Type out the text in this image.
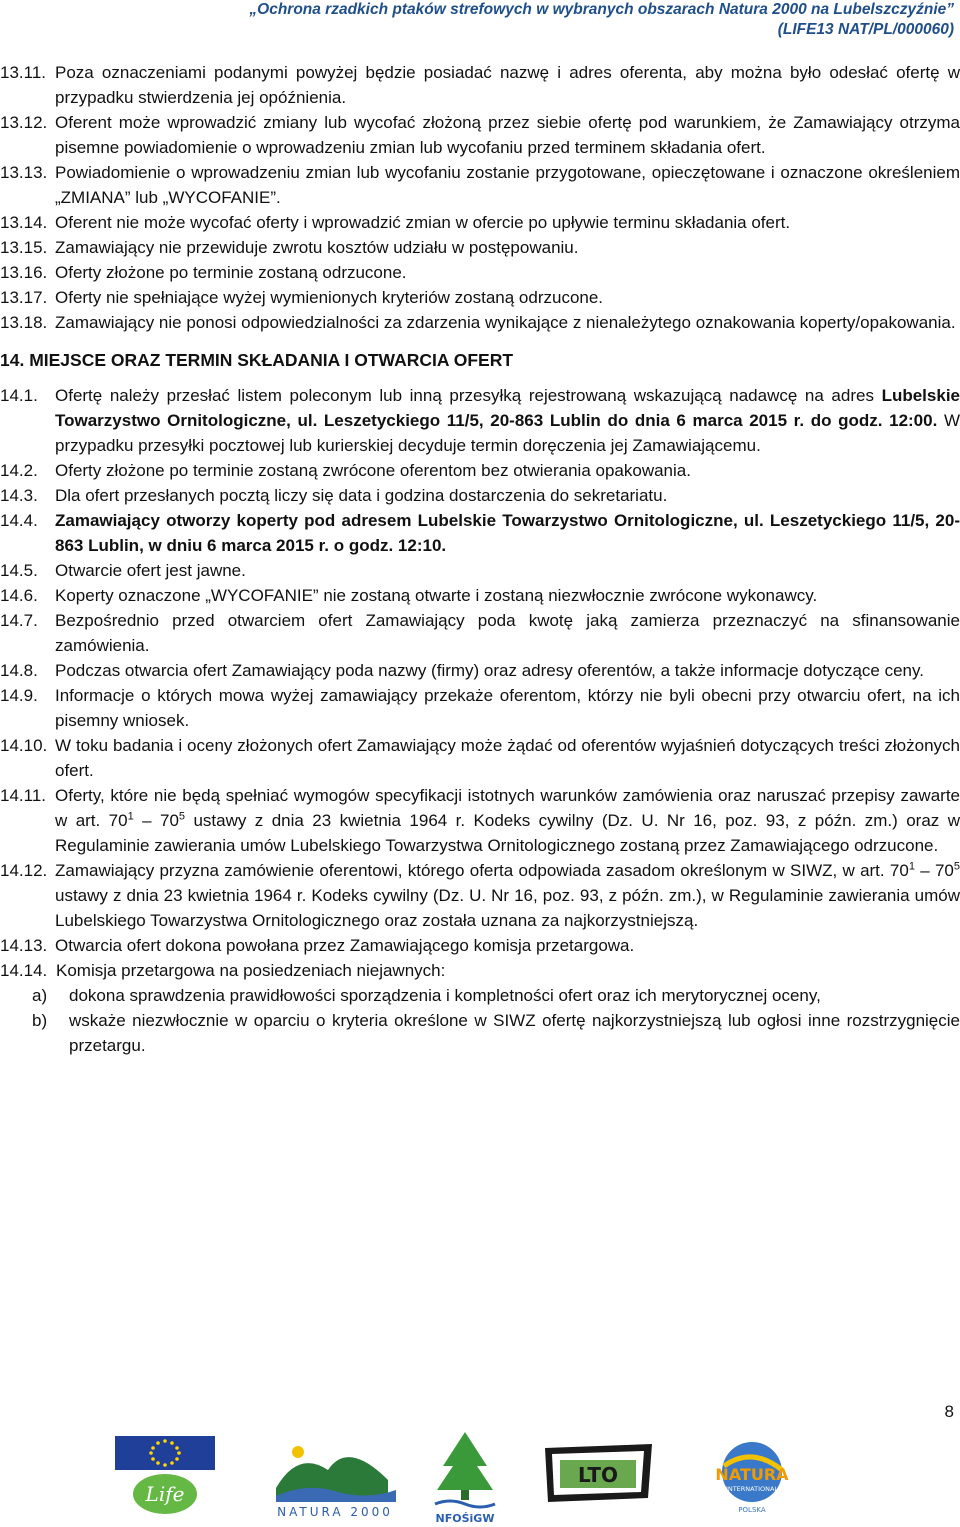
„Ochrona rzadkich ptaków strefowych w wybranych obszarach Natura 2000 na Lubelszczyźnie”
(LIFE13 NAT/PL/000060)
13.11. Poza oznaczeniami podanymi powyżej będzie posiadać nazwę i adres oferenta, aby można było odesłać ofertę w przypadku stwierdzenia jej opóźnienia.
13.12. Oferent może wprowadzić zmiany lub wycofać złożoną przez siebie ofertę pod warunkiem, że Zamawiający otrzyma pisemne powiadomienie o wprowadzeniu zmian lub wycofaniu przed terminem składania ofert.
13.13. Powiadomienie o wprowadzeniu zmian lub wycofaniu zostanie przygotowane, opieczętowane i oznaczone określeniem „ZMIANA” lub „WYCOFANIE”.
13.14. Oferent nie może wycofać oferty i wprowadzić zmian w ofercie po upływie terminu składania ofert.
13.15. Zamawiający nie przewiduje zwrotu kosztów udziału w postępowaniu.
13.16. Oferty złożone po terminie zostaną odrzucone.
13.17. Oferty nie spełniające wyżej wymienionych kryteriów zostaną odrzucone.
13.18. Zamawiający nie ponosi odpowiedzialności za zdarzenia wynikające z nienależytego oznakowania koperty/opakowania.
14. MIEJSCE ORAZ TERMIN SKŁADANIA I OTWARCIA OFERT
14.1.	Ofertę należy przesłać listem poleconym lub inną przesyłką rejestrowaną wskazującą nadawcę na adres Lubelskie Towarzystwo Ornitologiczne, ul. Leszetyckiego 11/5, 20-863 Lublin do dnia 6 marca 2015 r. do godz. 12:00. W przypadku przesyłki pocztowej lub kurierskiej decyduje termin doręczenia jej Zamawiającemu.
14.2.	Oferty złożone po terminie zostaną zwrócone oferentom bez otwierania opakowania.
14.3.	Dla ofert przesłanych pocztą liczy się data i godzina dostarczenia do sekretariatu.
14.4.	Zamawiający otworzy koperty pod adresem Lubelskie Towarzystwo Ornitologiczne, ul. Leszetyckiego 11/5, 20-863 Lublin, w dniu 6 marca 2015 r. o godz. 12:10.
14.5.	Otwarcie ofert jest jawne.
14.6.	Koperty oznaczone „WYCOFANIE” nie zostaną otwarte i zostaną niezwłocznie zwrócone wykonawcy.
14.7.	Bezpośrednio przed otwarciem ofert Zamawiający poda kwotę jaką zamierza przeznaczyć na sfinansowanie zamówienia.
14.8.	Podczas otwarcia ofert Zamawiający poda nazwy (firmy) oraz adresy oferentów, a także informacje dotyczące ceny.
14.9.	Informacje o których mowa wyżej zamawiający przekaże oferentom, którzy nie byli obecni przy otwarciu ofert, na ich pisemny wniosek.
14.10. W toku badania i oceny złożonych ofert Zamawiający może żądać od oferentów wyjaśnień dotyczących treści złożonych ofert.
14.11. Oferty, które nie będą spełniać wymogów specyfikacji istotnych warunków zamówienia oraz naruszać przepisy zawarte w art. $70^1 - 70^5$ ustawy z dnia 23 kwietnia 1964 r. Kodeks cywilny (Dz. U. Nr 16, poz. 93, z późn. zm.) oraz w Regulaminie zawierania umów Lubelskiego Towarzystwa Ornitologicznego zostaną przez Zamawiającego odrzucone.
14.12. Zamawiający przyzna zamówienie oferentowi, którego oferta odpowiada zasadom określonym w SIWZ, w art. $70^1 - 70^5$ ustawy z dnia 23 kwietnia 1964 r. Kodeks cywilny (Dz. U. Nr 16, poz. 93, z późn. zm.), w Regulaminie zawierania umów Lubelskiego Towarzystwa Ornitologicznego oraz została uznana za najkorzystniejszą.
14.13. Otwarcia ofert dokona powołana przez Zamawiającego komisja przetargowa.
14.14. Komisja przetargowa na posiedzeniach niejawnych:
a)	dokona sprawdzenia prawidłowości sporządzenia i kompletności ofert oraz ich merytorycznej oceny,
b)	wskaże niezwłocznie w oparciu o kryteria określone w SIWZ ofertę najkorzystniejszą lub ogłosi inne rozstrzygnięcie przetargu.
8
Life
NATURA 2000	NFOŚiGW
LTO	NATURA
INTERNATIONAL
POLSKA
